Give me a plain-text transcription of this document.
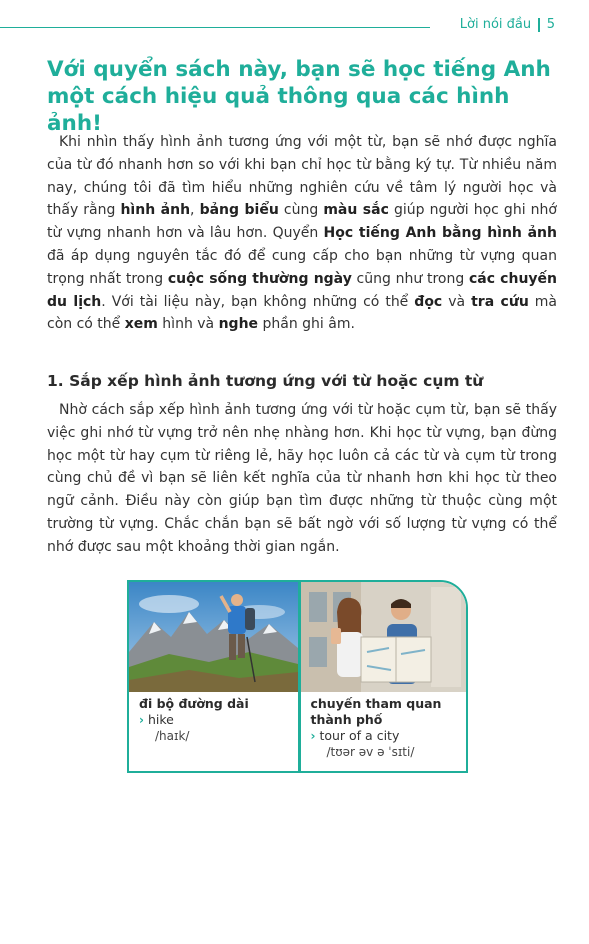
Lời nói đầu 5
Với quyển sách này, bạn sẽ học tiếng Anh một cách hiệu quả thông qua các hình ảnh!

Khi nhìn thấy hình ảnh tương ứng với một từ, bạn sẽ nhớ được nghĩa của từ đó nhanh hơn so với khi bạn chỉ học từ bằng ký tự. Từ nhiều năm nay, chúng tôi đã tìm hiểu những nghiên cứu về tâm lý người học và thấy rằng hình ảnh, bảng biểu cùng màu sắc giúp người học ghi nhớ từ vựng nhanh hơn và lâu hơn. Quyển Học tiếng Anh bằng hình ảnh đã áp dụng nguyên tắc đó để cung cấp cho bạn những từ vựng quan trọng nhất trong cuộc sống thường ngày cũng như trong các chuyến du lịch. Với tài liệu này, bạn không những có thể đọc và tra cứu mà còn có thể xem hình và nghe phần ghi âm.

1. Sắp xếp hình ảnh tương ứng với từ hoặc cụm từ

Nhờ cách sắp xếp hình ảnh tương ứng với từ hoặc cụm từ, bạn sẽ thấy việc ghi nhớ từ vựng trở nên nhẹ nhàng hơn. Khi học từ vựng, bạn đừng học một từ hay cụm từ riêng lẻ, hãy học luôn cả các từ và cụm từ trong cùng chủ đề vì bạn sẽ liên kết nghĩa của từ nhanh hơn khi học từ theo ngữ cảnh. Điều này còn giúp bạn tìm được những từ thuộc cùng một trường từ vựng. Chắc chắn bạn sẽ bất ngờ với số lượng từ vựng có thể nhớ được sau một khoảng thời gian ngắn.

đi bộ đường dài
› hike
/haɪk/
chuyến tham quan thành phố
› tour of a city
/tʊər əv ə ˈsɪti/
